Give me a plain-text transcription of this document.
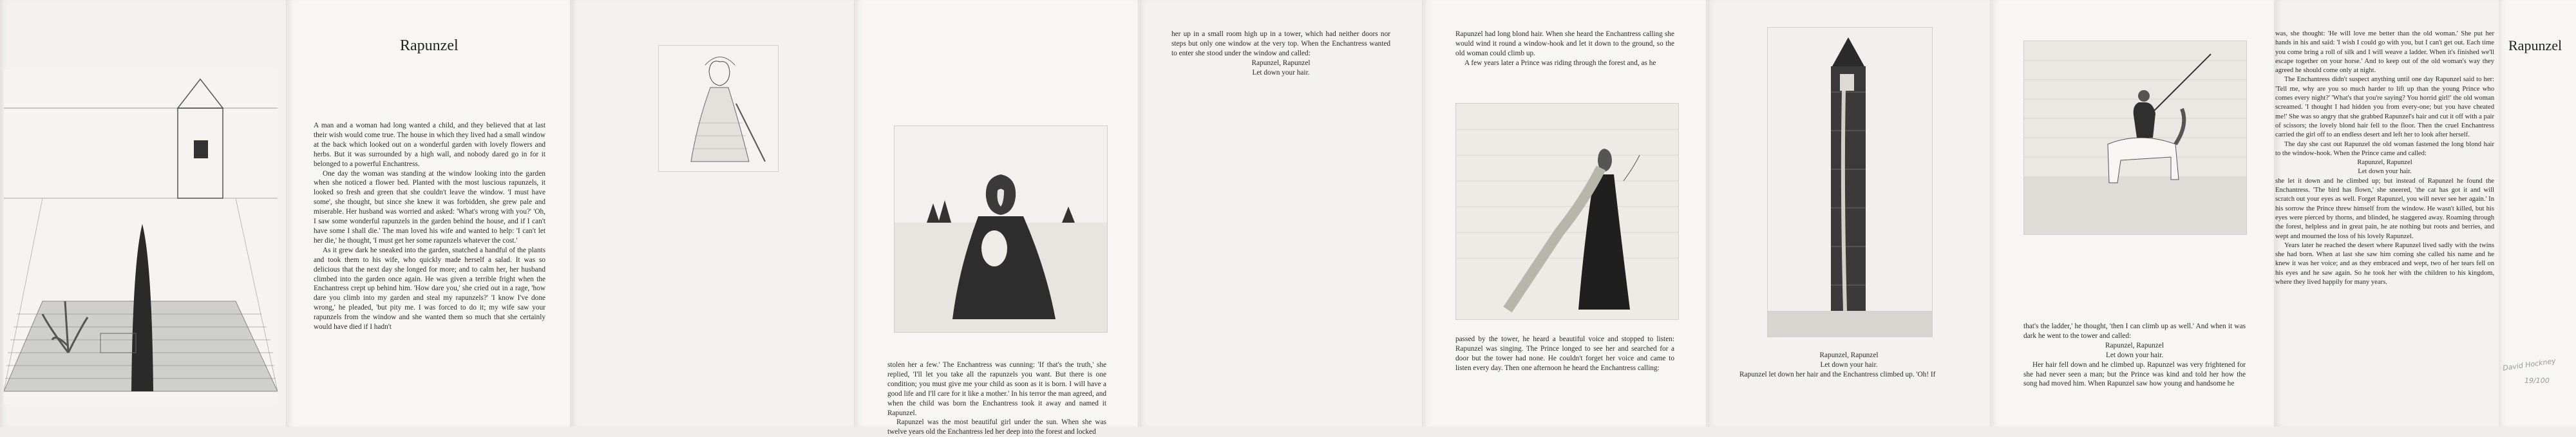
Rapunzel

A man and a woman had long wanted a child, and they believed that at last their wish would come true. The house in which they lived had a small window at the back which looked out on a wonderful garden with lovely flowers and herbs. But it was surrounded by a high wall, and nobody dared go in for it belonged to a powerful Enchantress.

One day the woman was standing at the window looking into the garden when she noticed a flower bed. Planted with the most luscious rapunzels, it looked so fresh and green that she couldn't leave the window. 'I must have some', she thought, but since she knew it was forbidden, she grew pale and miserable. Her husband was worried and asked: 'What's wrong with you?' 'Oh, I saw some wonderful rapunzels in the garden behind the house, and if I can't have some I shall die.' The man loved his wife and wanted to help: 'I can't let her die,' he thought, 'I must get her some rapunzels whatever the cost.'

As it grew dark he sneaked into the garden, snatched a handful of the plants and took them to his wife, who quickly made herself a salad. It was so delicious that the next day she longed for more; and to calm her, her husband climbed into the garden once again. He was given a terrible fright when the Enchantress crept up behind him. 'How dare you,' she cried out in a rage, 'how dare you climb into my garden and steal my rapunzels?' 'I know I've done wrong,' he pleaded, 'but pity me. I was forced to do it; my wife saw your rapunzels from the window and she wanted them so much that she certainly would have died if I hadn't

stolen her a few.' The Enchantress was cunning: 'If that's the truth,' she replied, 'I'll let you take all the rapunzels you want. But there is one condition; you must give me your child as soon as it is born. I will have a good life and I'll care for it like a mother.' In his terror the man agreed, and when the child was born the Enchantress took it away and named it Rapunzel.

Rapunzel was the most beautiful girl under the sun. When she was twelve years old the Enchantress led her deep into the forest and locked

her up in a small room high up in a tower, which had neither doors nor steps but only one window at the very top. When the Enchantress wanted to enter she stood under the window and called:

Rapunzel, Rapunzel

Let down your hair.

Rapunzel had long blond hair. When she heard the Enchantress calling she would wind it round a window-hook and let it down to the ground, so the old woman could climb up.

A few years later a Prince was riding through the forest and, as he

passed by the tower, he heard a beautiful voice and stopped to listen: Rapunzel was singing. The Prince longed to see her and searched for a door but the tower had none. He couldn't forget her voice and came to listen every day. Then one afternoon he heard the Enchantress calling:

Rapunzel, Rapunzel

Let down your hair.

Rapunzel let down her hair and the Enchantress climbed up. 'Oh! If

that's the ladder,' he thought, 'then I can climb up as well.' And when it was dark he went to the tower and called:

Rapunzel, Rapunzel

Let down your hair.

Her hair fell down and he climbed up. Rapunzel was very frightened for she had never seen a man; but the Prince was kind and told her how the song had moved him. When Rapunzel saw how young and handsome he

was, she thought: 'He will love me better than the old woman.' She put her hands in his and said: 'I wish I could go with you, but I can't get out. Each time you come bring a roll of silk and I will weave a ladder. When it's finished we'll escape together on your horse.' And to keep out of the old woman's way they agreed he should come only at night.

The Enchantress didn't suspect anything until one day Rapunzel said to her: 'Tell me, why are you so much harder to lift up than the young Prince who comes every night?' 'What's that you're saying? You horrid girl!' the old woman screamed. 'I thought I had hidden you from every-one; but you have cheated me!' She was so angry that she grabbed Rapunzel's hair and cut it off with a pair of scissors; the lovely blond hair fell to the floor. Then the cruel Enchantress carried the girl off to an endless desert and left her to look after herself.

The day she cast out Rapunzel the old woman fastened the long blond hair to the window-hook. When the Prince came and called:

Rapunzel, Rapunzel

Let down your hair.

she let it down and he climbed up; but instead of Rapunzel he found the Enchantress. 'The bird has flown,' she sneered, 'the cat has got it and will scratch out your eyes as well. Forget Rapunzel, you will never see her again.' In his sorrow the Prince threw himself from the window. He wasn't killed, but his eyes were pierced by thorns, and blinded, he staggered away. Roaming through the forest, helpless and in great pain, he ate nothing but roots and berries, and wept and mourned the loss of his lovely Rapunzel.

Years later he reached the desert where Rapunzel lived sadly with the twins she had born. When at last she saw him coming she called his name and he knew it was her voice; and as they embraced and wept, two of her tears fell on his eyes and he saw again. So he took her with the children to his kingdom, where they lived happily for many years.

David Hockney
19/100
Rapunzel
